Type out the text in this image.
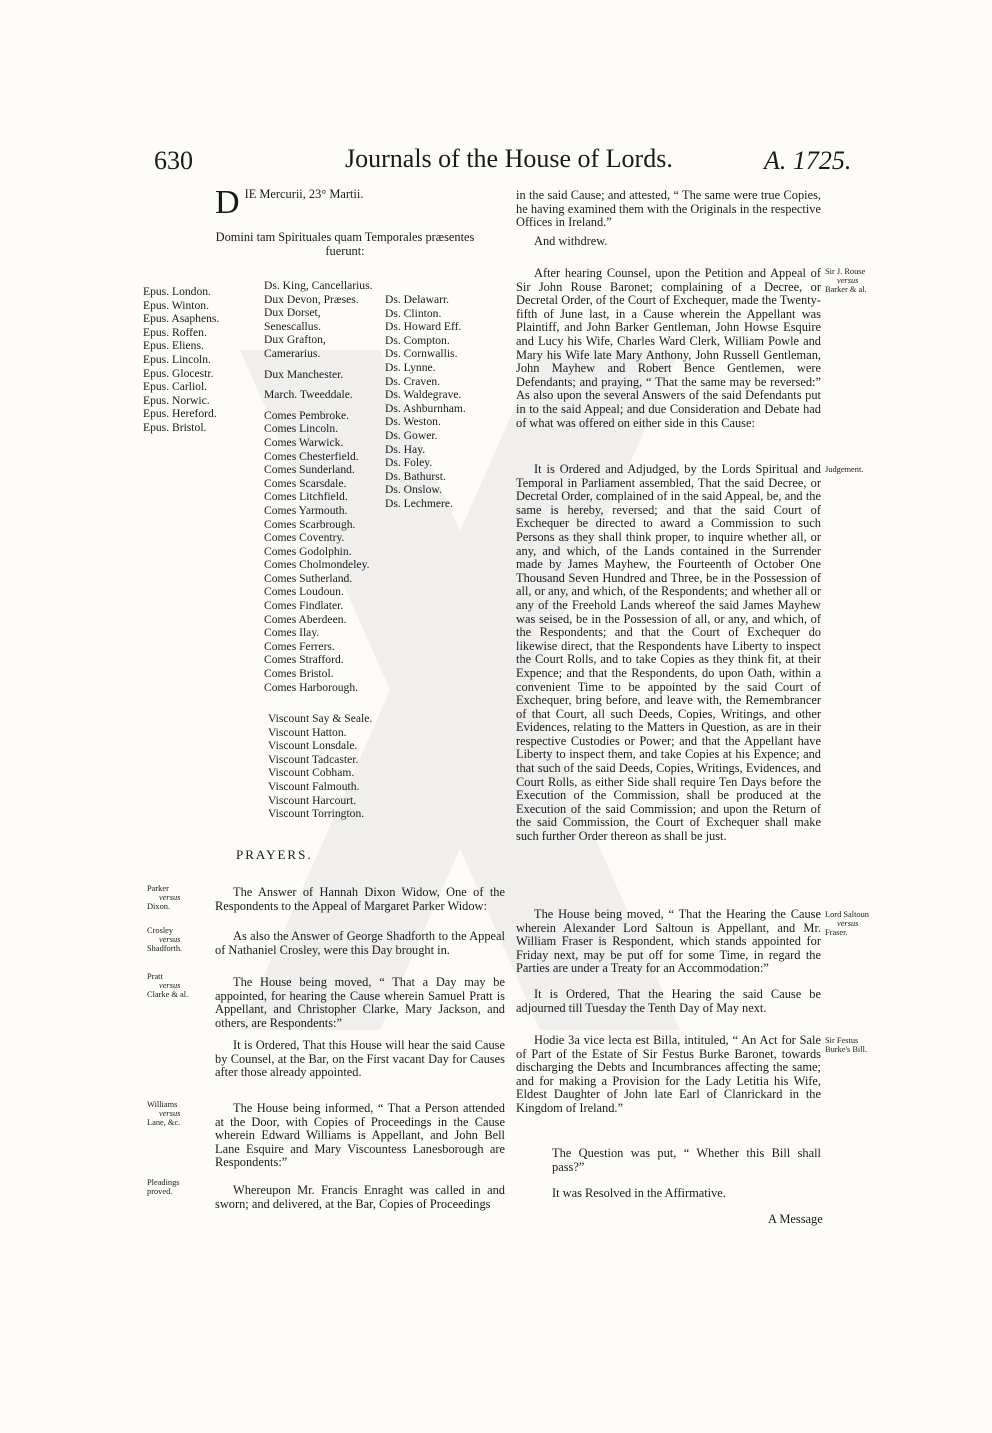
630	Journals of the House of Lords.	A. 1725.

DIE Mercurii, 23° Martii.

Domini tam Spirituales quam Temporales præsentes

fuerunt:

Epus. London.
Epus. Winton.
Epus. Asaphens.
Epus. Roffen.
Epus. Eliens.
Epus. Lincoln.
Epus. Glocestr.
Epus. Carliol.
Epus. Norwic.
Epus. Hereford.
Epus. Bristol.
Ds. King, Cancellarius.
Dux Devon, Præses.
Dux Dorset, Senescallus.
Dux Grafton, Camerarius.
Dux Manchester.
March. Tweeddale.
Comes Pembroke.
Comes Lincoln.
Comes Warwick.
Comes Chesterfield.
Comes Sunderland.
Comes Scarsdale.
Comes Litchfield.
Comes Yarmouth.
Comes Scarbrough.
Comes Coventry.
Comes Godolphin.
Comes Cholmondeley.
Comes Sutherland.
Comes Loudoun.
Comes Findlater.
Comes Aberdeen.
Comes Ilay.
Comes Ferrers.
Comes Strafford.
Comes Bristol.
Comes Harborough.
Ds. Delawarr.
Ds. Clinton.
Ds. Howard Eff.
Ds. Compton.
Ds. Cornwallis.
Ds. Lynne.
Ds. Craven.
Ds. Waldegrave.
Ds. Ashburnham.
Ds. Weston.
Ds. Gower.
Ds. Hay.
Ds. Foley.
Ds. Bathurst.
Ds. Onslow.
Ds. Lechmere.
Viscount Say & Seale.
Viscount Hatton.
Viscount Lonsdale.
Viscount Tadcaster.
Viscount Cobham.
Viscount Falmouth.
Viscount Harcourt.
Viscount Torrington.
PRAYERS.

The Answer of Hannah Dixon Widow, One of the Respondents to the Appeal of Margaret Parker Widow:

As also the Answer of George Shadforth to the Appeal of Nathaniel Crosley, were this Day brought in.

The House being moved, “ That a Day may be appointed, for hearing the Cause wherein Samuel Pratt is Appellant, and Christopher Clarke, Mary Jackson, and others, are Respondents:”

It is Ordered, That this House will hear the said Cause by Counsel, at the Bar, on the First vacant Day for Causes after those already appointed.

The House being informed, “ That a Person attended at the Door, with Copies of Proceedings in the Cause wherein Edward Williams is Appellant, and John Bell Lane Esquire and Mary Viscountess Lanesborough are Respondents:”

Whereupon Mr. Francis Enraght was called in and sworn; and delivered, at the Bar, Copies of Proceedings

in the said Cause; and attested, “ The same were true Copies, he having examined them with the Originals in the respective Offices in Ireland.”

And withdrew.

After hearing Counsel, upon the Petition and Appeal of Sir John Rouse Baronet; complaining of a Decree, or Decretal Order, of the Court of Exchequer, made the Twenty-fifth of June last, in a Cause wherein the Appellant was Plaintiff, and John Barker Gentleman, John Howse Esquire and Lucy his Wife, Charles Ward Clerk, William Powle and Mary his Wife late Mary Anthony, John Russell Gentleman, John Mayhew and Robert Bence Gentlemen, were Defendants; and praying, “ That the same may be reversed:” As also upon the several Answers of the said Defendants put in to the said Appeal; and due Consideration and Debate had of what was offered on either side in this Cause:

It is Ordered and Adjudged, by the Lords Spiritual and Temporal in Parliament assembled, That the said Decree, or Decretal Order, complained of in the said Appeal, be, and the same is hereby, reversed; and that the said Court of Exchequer be directed to award a Commission to such Persons as they shall think proper, to inquire whether all, or any, and which, of the Lands contained in the Surrender made by James Mayhew, the Fourteenth of October One Thousand Seven Hundred and Three, be in the Possession of all, or any, and which, of the Respondents; and whether all or any of the Freehold Lands whereof the said James Mayhew was seised, be in the Possession of all, or any, and which, of the Respondents; and that the Court of Exchequer do likewise direct, that the Respondents have Liberty to inspect the Court Rolls, and to take Copies as they think fit, at their Expence; and that the Respondents, do upon Oath, within a convenient Time to be appointed by the said Court of Exchequer, bring before, and leave with, the Remembrancer of that Court, all such Deeds, Copies, Writings, and other Evidences, relating to the Matters in Question, as are in their respective Custodies or Power; and that the Appellant have Liberty to inspect them, and take Copies at his Expence; and that such of the said Deeds, Copies, Writings, Evidences, and Court Rolls, as either Side shall require Ten Days before the Execution of the Commission, shall be produced at the Execution of the said Commission; and upon the Return of the said Commission, the Court of Exchequer shall make such further Order thereon as shall be just.

The House being moved, “ That the Hearing the Cause wherein Alexander Lord Saltoun is Appellant, and Mr. William Fraser is Respondent, which stands appointed for Friday next, may be put off for some Time, in regard the Parties are under a Treaty for an Accommodation:”

It is Ordered, That the Hearing the said Cause be adjourned till Tuesday the Tenth Day of May next.

Hodie 3a vice lecta est Billa, intituled, “ An Act for Sale of Part of the Estate of Sir Festus Burke Baronet, towards discharging the Debts and Incumbrances affecting the same; and for making a Provision for the Lady Letitia his Wife, Eldest Daughter of John late Earl of Clanrickard in the Kingdom of Ireland.”

The Question was put, “ Whether this Bill shall pass?”

It was Resolved in the Affirmative.

A Message
Parker
versus
Dixon.
Crosley
versus
Shadforth.
Pratt
versus
Clarke & al.
Williams
versus
Lane, &c.
Pleadings
proved.
Sir J. Rouse
versus
Barker & al.
Judgement.
Lord Saltoun
versus
Fraser.
Sir Festus
Burke's Bill.
